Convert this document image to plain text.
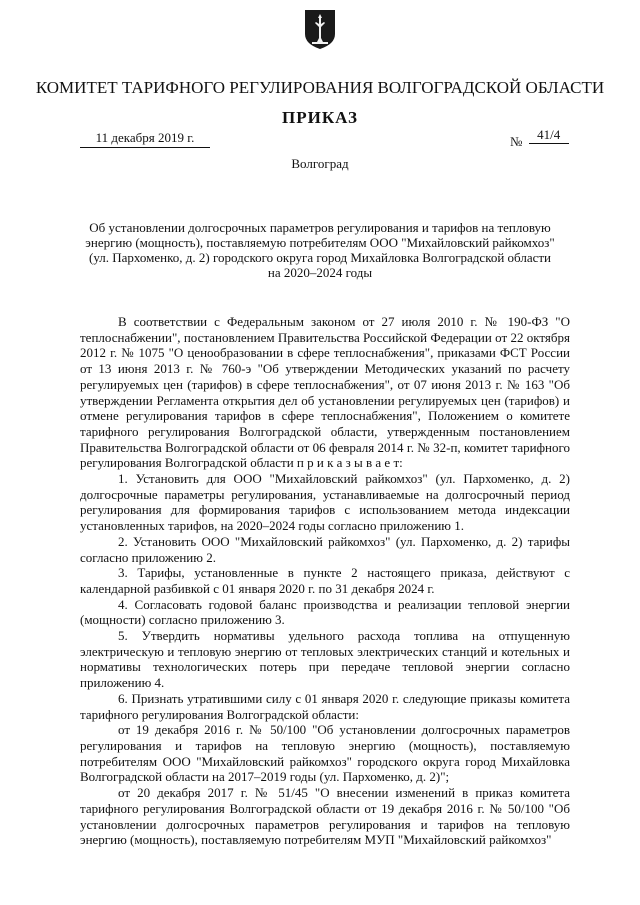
КОМИТЕТ ТАРИФНОГО РЕГУЛИРОВАНИЯ ВОЛГОГРАДСКОЙ ОБЛАСТИ
ПРИКАЗ
11 декабря 2019 г.	№ 41/4
Волгоград
Об установлении долгосрочных параметров регулирования и тарифов на тепловую энергию (мощность), поставляемую потребителям ООО "Михайловский райкомхоз" (ул. Пархоменко, д. 2) городского округа город Михайловка Волгоградской области на 2020–2024 годы

В соответствии с Федеральным законом от 27 июля 2010 г. № 190-ФЗ "О теплоснабжении", постановлением Правительства Российской Федерации от 22 октября 2012 г. № 1075 "О ценообразовании в сфере теплоснабжения", приказами ФСТ России от 13 июня 2013 г. № 760-э "Об утверждении Методических указаний по расчету регулируемых цен (тарифов) в сфере теплоснабжения", от 07 июня 2013 г. № 163 "Об утверждении Регламента открытия дел об установлении регулируемых цен (тарифов) и отмене регулирования тарифов в сфере теплоснабжения", Положением о комитете тарифного регулирования Волгоградской области, утвержденным постановлением Правительства Волгоградской области от 06 февраля 2014 г. № 32-п, комитет тарифного регулирования Волгоградской области п р и к а з ы в а е т:

1. Установить для ООО "Михайловский райкомхоз" (ул. Пархоменко, д. 2) долгосрочные параметры регулирования, устанавливаемые на долгосрочный период регулирования для формирования тарифов с использованием метода индексации установленных тарифов, на 2020–2024 годы согласно приложению 1.

2. Установить ООО "Михайловский райкомхоз" (ул. Пархоменко, д. 2) тарифы согласно приложению 2.

3. Тарифы, установленные в пункте 2 настоящего приказа, действуют с календарной разбивкой с 01 января 2020 г. по 31 декабря 2024 г.

4. Согласовать годовой баланс производства и реализации тепловой энергии (мощности) согласно приложению 3.

5. Утвердить нормативы удельного расхода топлива на отпущенную электрическую и тепловую энергию от тепловых электрических станций и котельных и нормативы технологических потерь при передаче тепловой энергии согласно приложению 4.

6. Признать утратившими силу с 01 января 2020 г. следующие приказы комитета тарифного регулирования Волгоградской области:

от 19 декабря 2016 г. № 50/100 "Об установлении долгосрочных параметров регулирования и тарифов на тепловую энергию (мощность), поставляемую потребителям ООО "Михайловский райкомхоз" городского округа город Михайловка Волгоградской области на 2017–2019 годы (ул. Пархоменко, д. 2)";

от 20 декабря 2017 г. № 51/45 "О внесении изменений в приказ комитета тарифного регулирования Волгоградской области от 19 декабря 2016 г. № 50/100 "Об установлении долгосрочных параметров регулирования и тарифов на тепловую энергию (мощность), поставляемую потребителям МУП "Михайловский райкомхоз"
